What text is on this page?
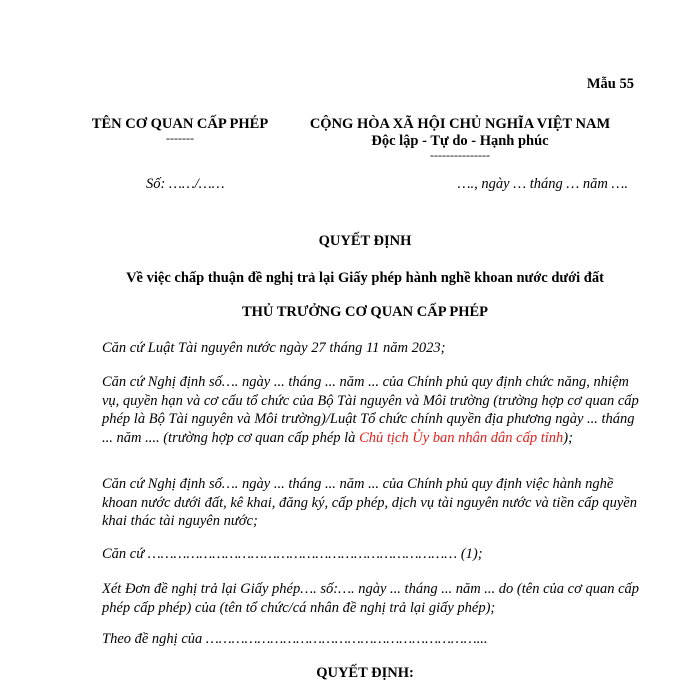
Mẫu 55
TÊN CƠ QUAN CẤP PHÉP
-------
CỘNG HÒA XÃ HỘI CHỦ NGHĨA VIỆT NAM
Độc lập - Tự do - Hạnh phúc
---------------
Số: ……/……	…., ngày … tháng … năm ….
QUYẾT ĐỊNH
Về việc chấp thuận đề nghị trả lại Giấy phép hành nghề khoan nước dưới đất
THỦ TRƯỞNG CƠ QUAN CẤP PHÉP
Căn cứ Luật Tài nguyên nước ngày 27 tháng 11 năm 2023;
Căn cứ Nghị định số…. ngày ... tháng ... năm ... của Chính phủ quy định chức năng, nhiệm vụ, quyền hạn và cơ cấu tổ chức của Bộ Tài nguyên và Môi trường (trường hợp cơ quan cấp phép là Bộ Tài nguyên và Môi trường)/Luật Tổ chức chính quyền địa phương ngày ... tháng ... năm .... (trường hợp cơ quan cấp phép là Chủ tịch Ủy ban nhân dân cấp tỉnh);
Căn cứ Nghị định số…. ngày ... tháng ... năm ... của Chính phủ quy định việc hành nghề khoan nước dưới đất, kê khai, đăng ký, cấp phép, dịch vụ tài nguyên nước và tiền cấp quyền khai thác tài nguyên nước;
Căn cứ ……………………………………………………………… (1);
Xét Đơn đề nghị trả lại Giấy phép…. số:…. ngày ... tháng ... năm ... do (tên của cơ quan cấp phép cấp phép) của (tên tổ chức/cá nhân đề nghị trả lại giấy phép);
Theo đề nghị của ………………………………………………………...
QUYẾT ĐỊNH:
